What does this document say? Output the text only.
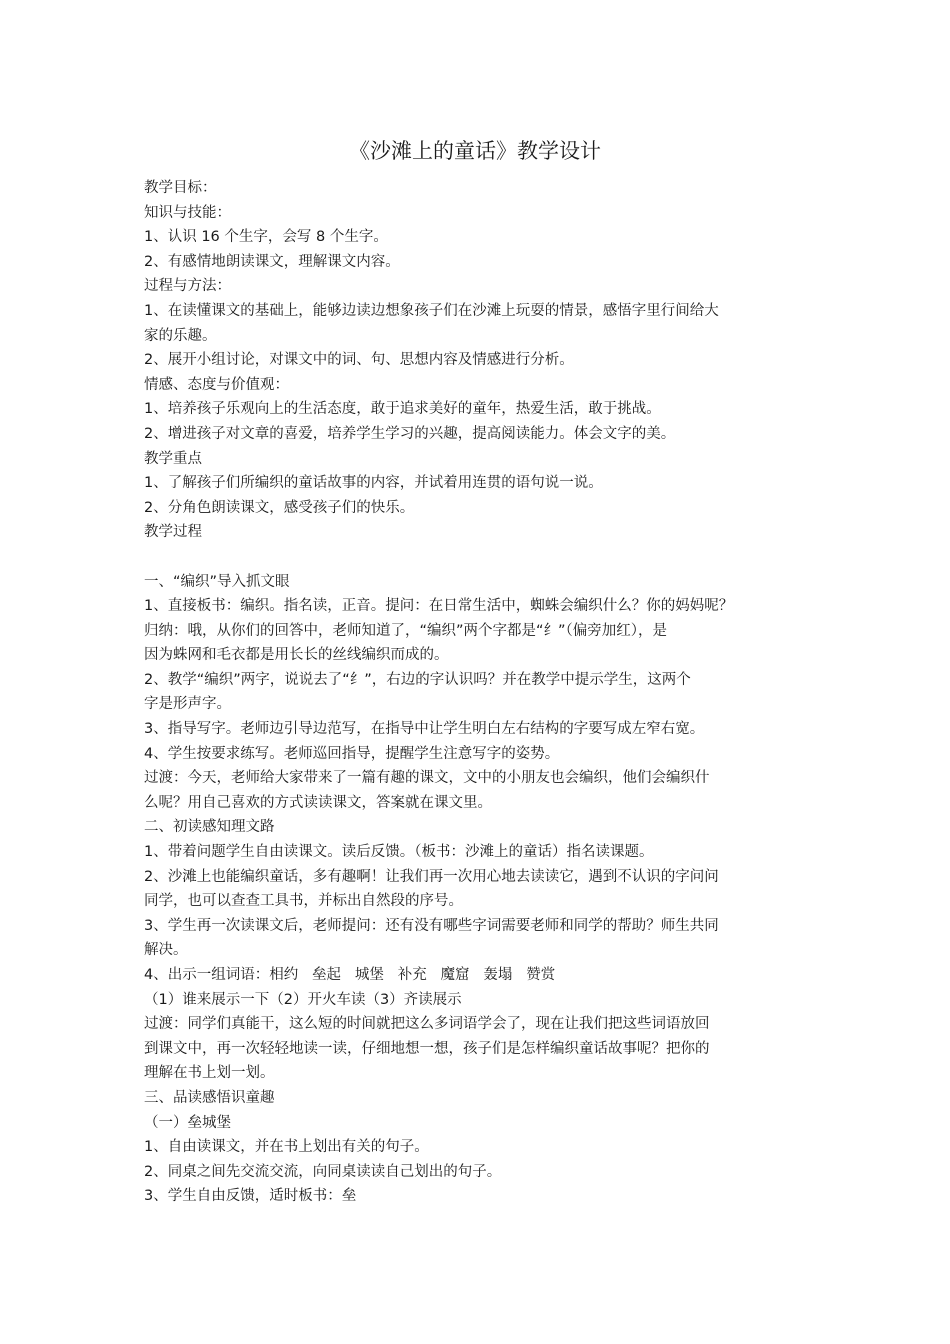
《沙滩上的童话》教学设计

教学目标：

知识与技能：

1、认识 16 个生字，会写 8 个生字。

2、有感情地朗读课文，理解课文内容。

过程与方法：

1、在读懂课文的基础上，能够边读边想象孩子们在沙滩上玩耍的情景，感悟字里行间给大

家的乐趣。

2、展开小组讨论，对课文中的词、句、思想内容及情感进行分析。

情感、态度与价值观：

1、培养孩子乐观向上的生活态度，敢于追求美好的童年，热爱生活，敢于挑战。

2、增进孩子对文章的喜爱，培养学生学习的兴趣，提高阅读能力。体会文字的美。

教学重点

1、了解孩子们所编织的童话故事的内容，并试着用连贯的语句说一说。

2、分角色朗读课文，感受孩子们的快乐。

教学过程

一、“编织”导入抓文眼

1、直接板书：编织。指名读，正音。提问：在日常生活中，蜘蛛会编织什么？你的妈妈呢？

归纳：哦，从你们的回答中，老师知道了，“编织”两个字都是“纟”（偏旁加红），是

因为蛛网和毛衣都是用长长的丝线编织而成的。

2、教学“编织”两字，说说去了“纟”，右边的字认识吗？并在教学中提示学生，这两个

字是形声字。

3、指导写字。老师边引导边范写，在指导中让学生明白左右结构的字要写成左窄右宽。

4、学生按要求练写。老师巡回指导，提醒学生注意写字的姿势。

过渡：今天，老师给大家带来了一篇有趣的课文，文中的小朋友也会编织，他们会编织什

么呢？用自己喜欢的方式读读课文，答案就在课文里。

二、初读感知理文路

1、带着问题学生自由读课文。读后反馈。（板书：沙滩上的童话）指名读课题。

2、沙滩上也能编织童话，多有趣啊！让我们再一次用心地去读读它，遇到不认识的字问问

同学，也可以查查工具书，并标出自然段的序号。

3、学生再一次读课文后，老师提问：还有没有哪些字词需要老师和同学的帮助？师生共同

解决。

4、出示一组词语：相约   垒起   城堡   补充   魔窟   轰塌   赞赏

（1）谁来展示一下（2）开火车读（3）齐读展示

过渡：同学们真能干，这么短的时间就把这么多词语学会了，现在让我们把这些词语放回

到课文中，再一次轻轻地读一读，仔细地想一想，孩子们是怎样编织童话故事呢？把你的

理解在书上划一划。

三、品读感悟识童趣

（一）垒城堡

1、自由读课文，并在书上划出有关的句子。

2、同桌之间先交流交流，向同桌读读自己划出的句子。

3、学生自由反馈，适时板书：垒
